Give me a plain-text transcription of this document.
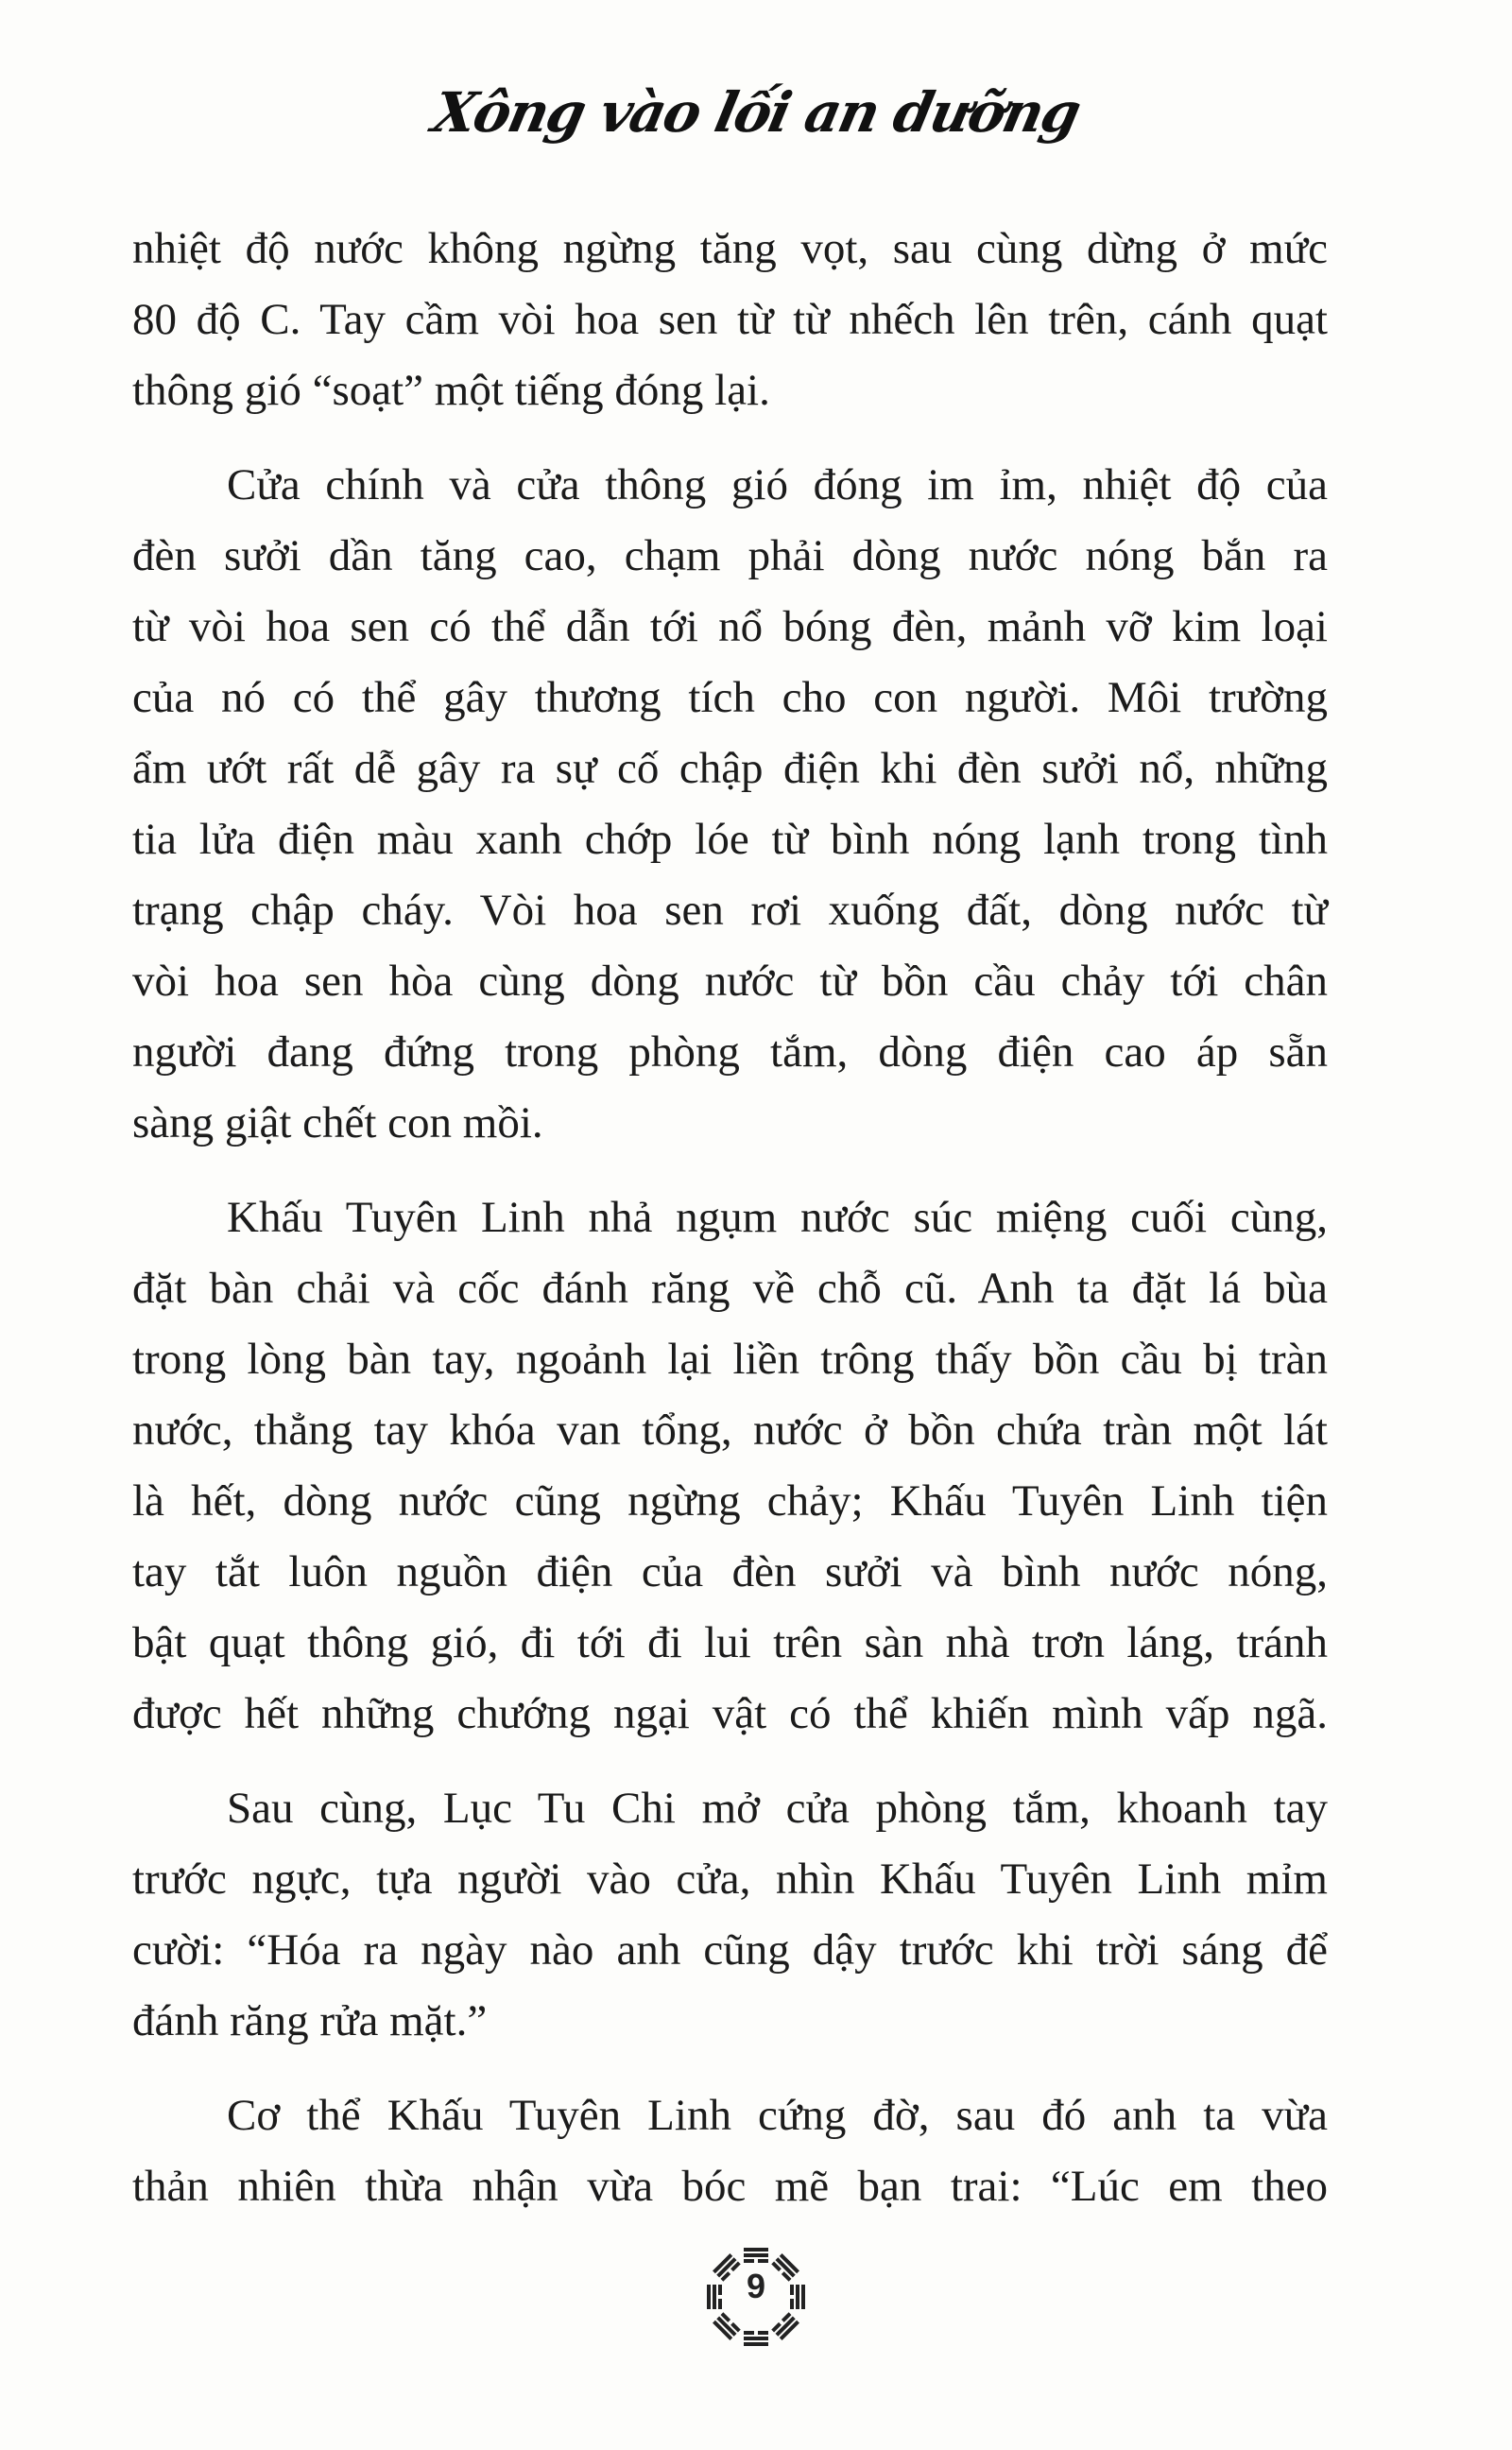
Xông vào lối an dưỡng
nhiệt độ nước không ngừng tăng vọt, sau cùng dừng ở mức
80 độ C. Tay cầm vòi hoa sen từ từ nhếch lên trên, cánh quạt
thông gió “soạt” một tiếng đóng lại.
Cửa chính và cửa thông gió đóng im ỉm, nhiệt độ của
đèn sưởi dần tăng cao, chạm phải dòng nước nóng bắn ra
từ vòi hoa sen có thể dẫn tới nổ bóng đèn, mảnh vỡ kim loại
của nó có thể gây thương tích cho con người. Môi trường
ẩm ướt rất dễ gây ra sự cố chập điện khi đèn sưởi nổ, những
tia lửa điện màu xanh chớp lóe từ bình nóng lạnh trong tình
trạng chập cháy. Vòi hoa sen rơi xuống đất, dòng nước từ
vòi hoa sen hòa cùng dòng nước từ bồn cầu chảy tới chân
người đang đứng trong phòng tắm, dòng điện cao áp sẵn
sàng giật chết con mồi.
Khấu Tuyên Linh nhả ngụm nước súc miệng cuối cùng,
đặt bàn chải và cốc đánh răng về chỗ cũ. Anh ta đặt lá bùa
trong lòng bàn tay, ngoảnh lại liền trông thấy bồn cầu bị tràn
nước, thẳng tay khóa van tổng, nước ở bồn chứa tràn một lát
là hết, dòng nước cũng ngừng chảy; Khấu Tuyên Linh tiện
tay tắt luôn nguồn điện của đèn sưởi và bình nước nóng,
bật quạt thông gió, đi tới đi lui trên sàn nhà trơn láng, tránh
được hết những chướng ngại vật có thể khiến mình vấp ngã.
Sau cùng, Lục Tu Chi mở cửa phòng tắm, khoanh tay
trước ngực, tựa người vào cửa, nhìn Khấu Tuyên Linh mỉm
cười: “Hóa ra ngày nào anh cũng dậy trước khi trời sáng để
đánh răng rửa mặt.”
Cơ thể Khấu Tuyên Linh cứng đờ, sau đó anh ta vừa
thản nhiên thừa nhận vừa bóc mẽ bạn trai: “Lúc em theo
9
